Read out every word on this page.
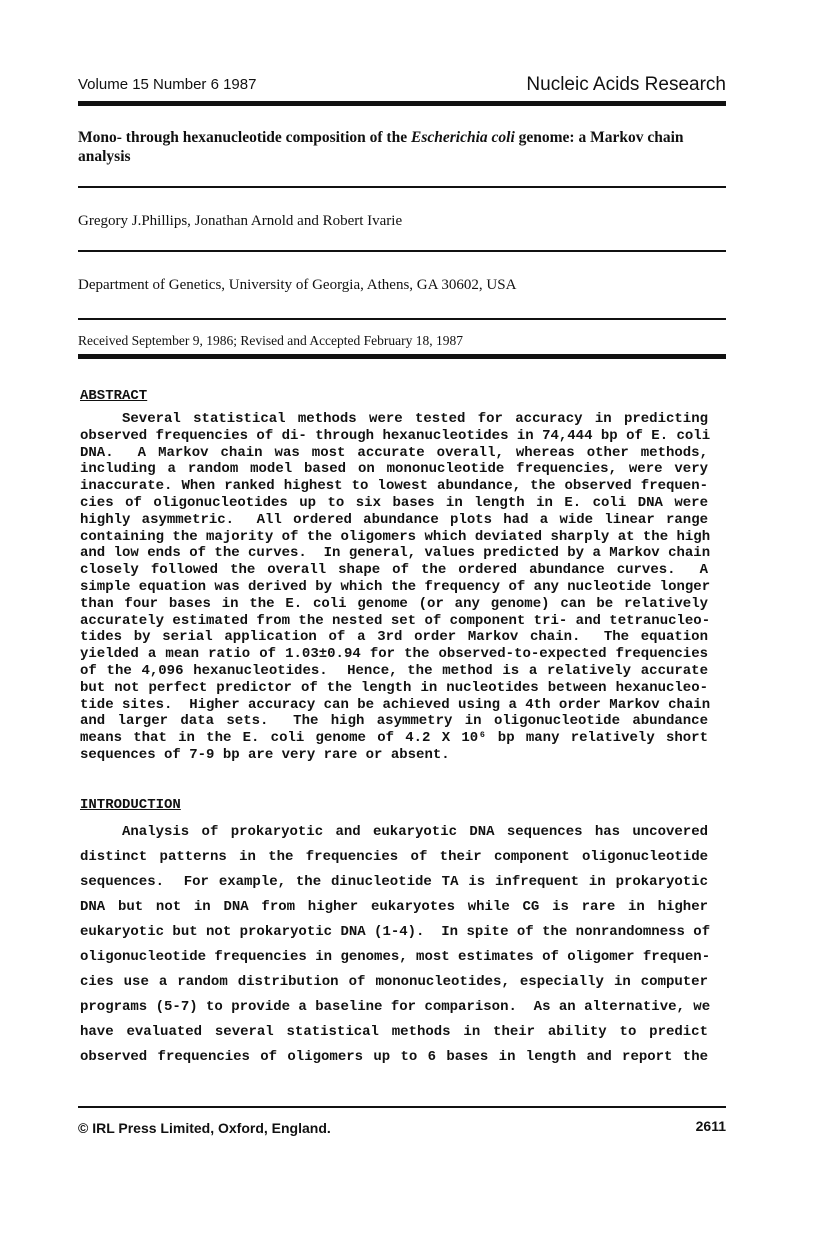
Volume 15 Number 6 1987	Nucleic Acids Research
Mono- through hexanucleotide composition of the Escherichia coli genome: a Markov chain analysis
Gregory J.Phillips, Jonathan Arnold and Robert Ivarie
Department of Genetics, University of Georgia, Athens, GA 30602, USA
Received September 9, 1986; Revised and Accepted February 18, 1987
ABSTRACT
Several statistical methods were tested for accuracy in predicting
observed frequencies of di- through hexanucleotides in 74,444 bp of E. coli
DNA.  A Markov chain was most accurate overall, whereas other methods,
including a random model based on mononucleotide frequencies, were very
inaccurate. When ranked highest to lowest abundance, the observed frequen-
cies of oligonucleotides up to six bases in length in E. coli DNA were
highly asymmetric.  All ordered abundance plots had a wide linear range
containing the majority of the oligomers which deviated sharply at the high
and low ends of the curves.  In general, values predicted by a Markov chain
closely followed the overall shape of the ordered abundance curves.  A
simple equation was derived by which the frequency of any nucleotide longer
than four bases in the E. coli genome (or any genome) can be relatively
accurately estimated from the nested set of component tri- and tetranucleo-
tides by serial application of a 3rd order Markov chain.  The equation
yielded a mean ratio of 1.03±0.94 for the observed-to-expected frequencies
of the 4,096 hexanucleotides.  Hence, the method is a relatively accurate
but not perfect predictor of the length in nucleotides between hexanucleo-
tide sites.  Higher accuracy can be achieved using a 4th order Markov chain
and larger data sets.  The high asymmetry in oligonucleotide abundance
means that in the E. coli genome of 4.2 X 10⁶ bp many relatively short
sequences of 7-9 bp are very rare or absent.
INTRODUCTION
Analysis of prokaryotic and eukaryotic DNA sequences has uncovered
distinct patterns in the frequencies of their component oligonucleotide
sequences.  For example, the dinucleotide TA is infrequent in prokaryotic
DNA but not in DNA from higher eukaryotes while CG is rare in higher
eukaryotic but not prokaryotic DNA (1-4).  In spite of the nonrandomness of
oligonucleotide frequencies in genomes, most estimates of oligomer frequen-
cies use a random distribution of mononucleotides, especially in computer
programs (5-7) to provide a baseline for comparison.  As an alternative, we
have evaluated several statistical methods in their ability to predict
observed frequencies of oligomers up to 6 bases in length and report the
© IRL Press Limited, Oxford, England.	2611
